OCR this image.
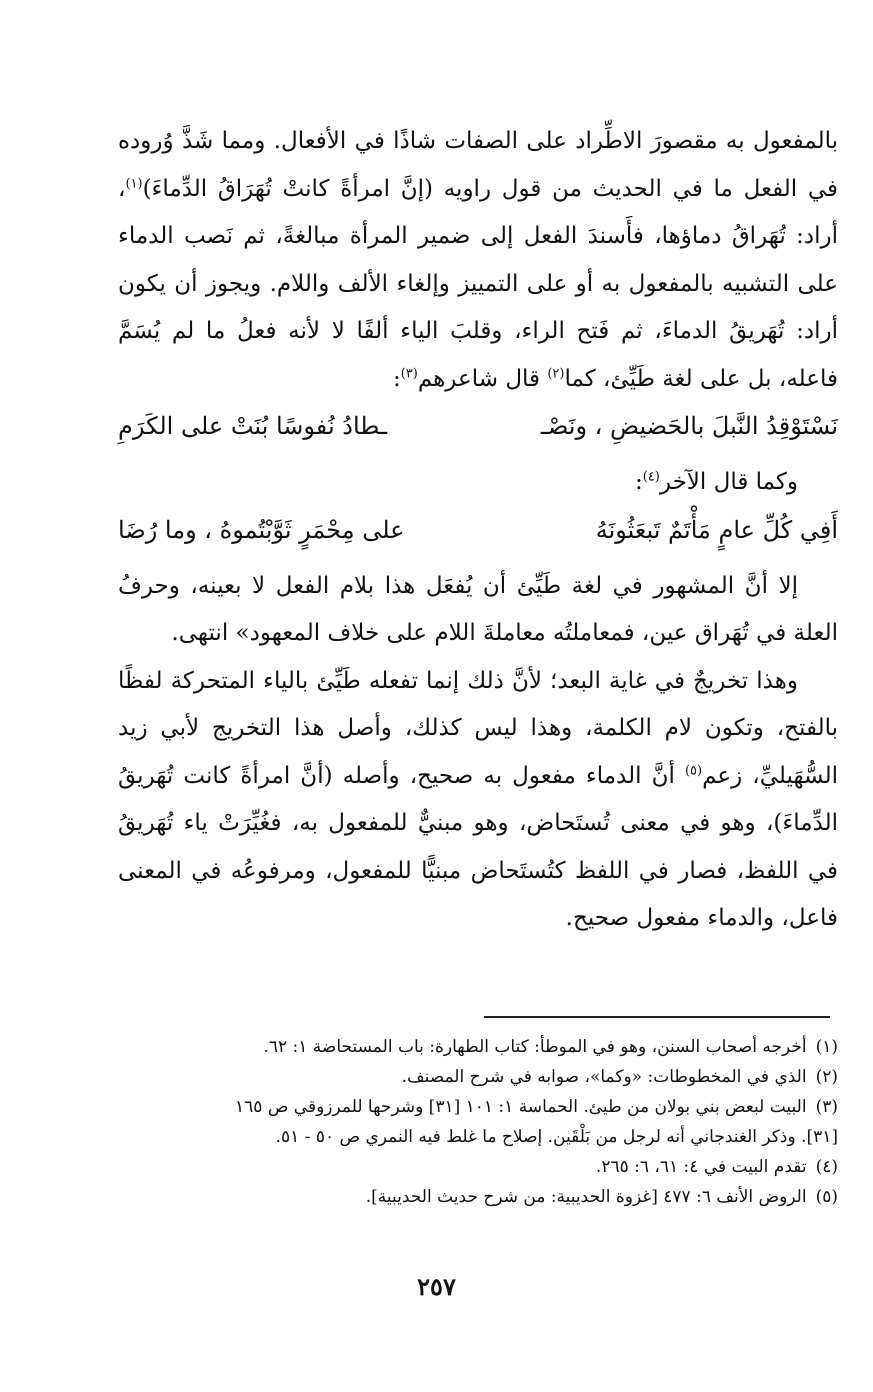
بالمفعول به مقصورَ الاطِّراد على الصفات شاذًا في الأفعال. ومما شَذَّ وُروده في الفعل ما في الحديث من قول راويه (إنَّ امرأةً كانتْ تُهَرَاقُ الدِّماءَ)$^{(١)}$، أراد: تُهَراقُ دماؤها، فأَسندَ الفعل إلى ضمير المرأة مبالغةً، ثم نَصب الدماء على التشبيه بالمفعول به أو على التمييز وإلغاء الألف واللام. ويجوز أن يكون أراد: تُهَريقُ الدماءَ، ثم فَتح الراء، وقلبَ الياء ألفًا لا لأنه فعلُ ما لم يُسَمَّ فاعله، بل على لغة طَيِّئ، كما$^{(٢)}$ قال شاعرهم$^{(٣)}$:

نَسْتَوْقِدُ النَّبلَ بالحَضيضِ ، ونَصْـ
ـطادُ نُفوسًا بُنَتْ على الكَرَمِ

وكما قال الآخر$^{(٤)}$:

أَفِي كُلِّ عامٍ مَأْتَمٌ تَبعَثُونَهُ
على مِحْمَرٍ ثَوَّبْتُموهُ ، وما رُضَا

إلا أنَّ المشهور في لغة طَيِّئ أن يُفعَل هذا بلام الفعل لا بعينه، وحرفُ العلة في تُهَراق عين، فمعاملتُه معاملةَ اللام على خلاف المعهود» انتهى.

وهذا تخريجٌ في غاية البعد؛ لأنَّ ذلك إنما تفعله طَيِّئ بالياء المتحركة لفظًا بالفتح، وتكون لام الكلمة، وهذا ليس كذلك، وأصل هذا التخريج لأبي زيد السُّهَيليِّ، زعم$^{(٥)}$ أنَّ الدماء مفعول به صحيح، وأصله (أنَّ امرأةً كانت تُهَريقُ الدِّماءَ)، وهو في معنى تُستَحاض، وهو مبنيٌّ للمفعول به، فغُيِّرَتْ ياء تُهَريقُ في اللفظ، فصار في اللفظ كتُستَحاض مبنيًّا للمفعول، ومرفوعُه في المعنى فاعل، والدماء مفعول صحيح.

(١) أخرجه أصحاب السنن، وهو في الموطأ: كتاب الطهارة: باب المستحاضة ١: ٦٢.

(٢) الذي في المخطوطات: «وكما»، صوابه في شرح المصنف.

(٣) البيت لبعض بني بولان من طيئ. الحماسة ١: ١٠١ [٣١] وشرحها للمرزوقي ص ١٦٥

[٣١]. وذكر الغندجاني أنه لرجل من بَلْقَين. إصلاح ما غلط فيه النمري ص ٥٠ - ٥١.

(٤) تقدم البيت في ٤: ٦١، ٦: ٢٦٥.

(٥) الروض الأنف ٦: ٤٧٧ [غزوة الحديبية: من شرح حديث الحديبية].

٢٥٧
